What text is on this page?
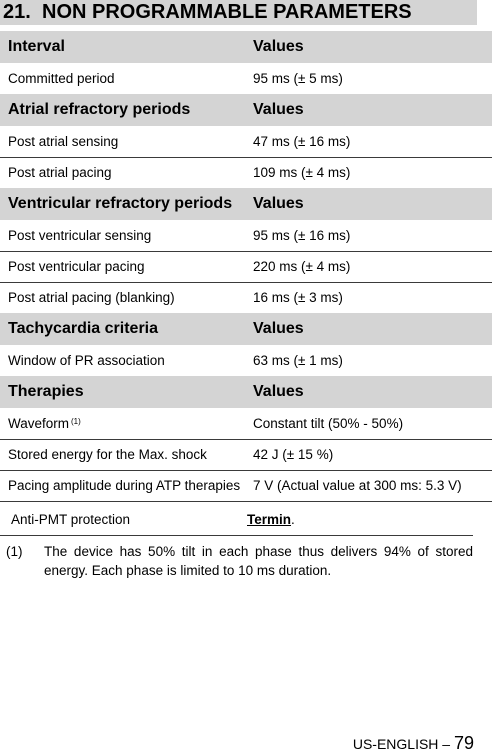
21. NON PROGRAMMABLE PARAMETERS
Interval	Values
Committed period	95 ms (± 5 ms)
Atrial refractory periods	Values
Post atrial sensing	47 ms (± 16 ms)
Post atrial pacing	109 ms (± 4 ms)
Ventricular refractory periods	Values
Post ventricular sensing	95 ms (± 16 ms)
Post ventricular pacing	220 ms (± 4 ms)
Post atrial pacing (blanking)	16 ms (± 3 ms)
Tachycardia criteria	Values
Window of PR association	63 ms (± 1 ms)
Therapies	Values
Waveform $^{(1)}$	Constant tilt (50% - 50%)
Stored energy for the Max. shock	42 J (± 15 %)
Pacing amplitude during ATP therapies	7 V (Actual value at 300 ms: 5.3 V)
Anti-PMT protection	Termin.
(1) The device has 50% tilt in each phase thus delivers 94% of stored energy. Each phase is limited to 10 ms duration.
US-ENGLISH – 79
